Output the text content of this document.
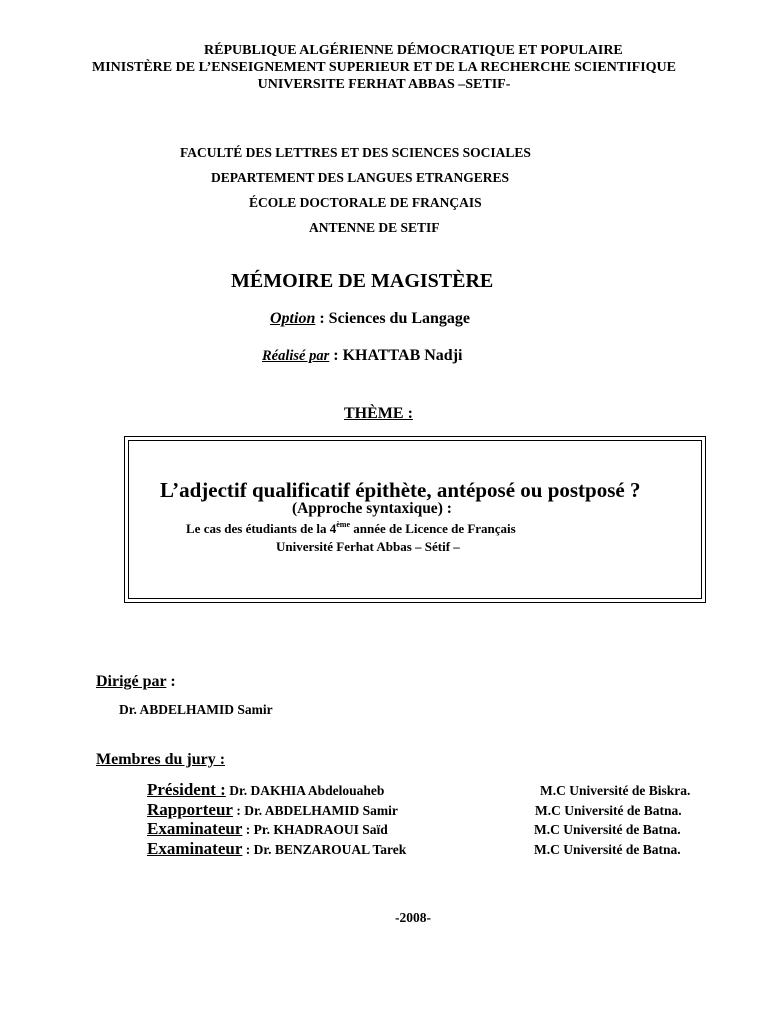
RÉPUBLIQUE ALGÉRIENNE DÉMOCRATIQUE ET POPULAIRE
MINISTÈRE DE L’ENSEIGNEMENT SUPERIEUR ET DE LA RECHERCHE SCIENTIFIQUE
UNIVERSITE FERHAT ABBAS –SETIF-
FACULTÉ DES LETTRES ET DES SCIENCES SOCIALES
DEPARTEMENT DES LANGUES ETRANGERES
ÉCOLE DOCTORALE DE FRANÇAIS
ANTENNE DE SETIF
MÉMOIRE DE MAGISTÈRE
Option : Sciences du Langage
Réalisé par : KHATTAB Nadji
THÈME :
L’adjectif qualificatif épithète, antéposé ou postposé ?
(Approche syntaxique) :
Le cas des étudiants de la 4ème année de Licence de Français
Université Ferhat Abbas – Sétif –
Dirigé par :
Dr. ABDELHAMID Samir
Membres du jury :
Président : Dr. DAKHIA Abdelouaheb	M.C Université de Biskra.
Rapporteur : Dr. ABDELHAMID Samir	M.C Université de Batna.
Examinateur : Pr. KHADRAOUI Saïd	M.C Université de Batna.
Examinateur : Dr. BENZAROUAL Tarek	M.C Université de Batna.
-2008-
